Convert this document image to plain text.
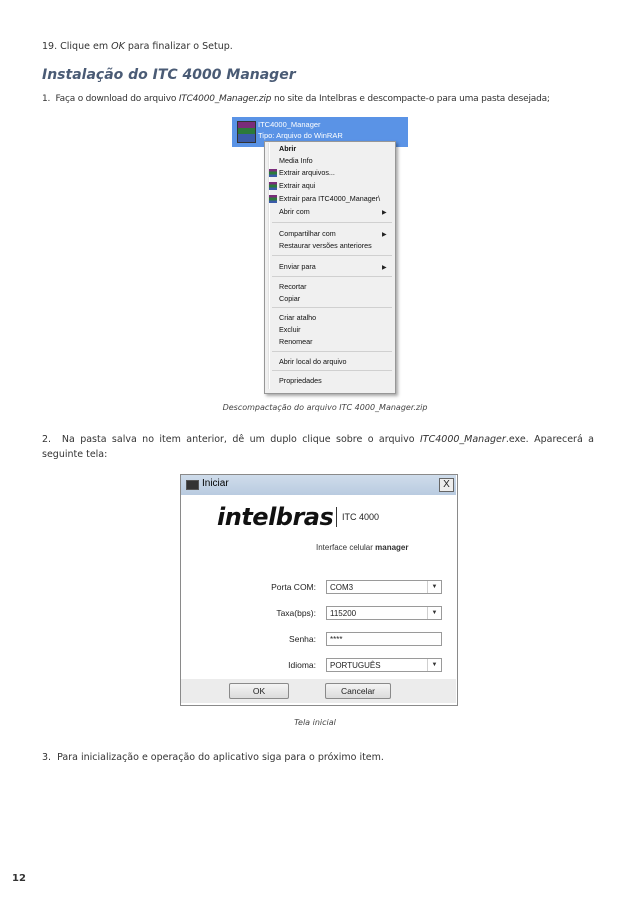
19. Clique em OK para finalizar o Setup.
Instalação do ITC 4000 Manager
1. Faça o download do arquivo ITC4000_Manager.zip no site da Intelbras e descompacte-o para uma pasta desejada;
ITC4000_Manager
Tipo: Arquivo do WinRAR
Abrir
Media Info
Extrair arquivos...
Extrair aqui
Extrair para ITC4000_Manager\
Abrir com	▶
Compartilhar com	▶
Restaurar versões anteriores
Enviar para	▶
Recortar
Copiar
Criar atalho
Excluir
Renomear
Abrir local do arquivo
Propriedades
Descompactação do arquivo ITC 4000_Manager.zip
2. Na pasta salva no item anterior, dê um duplo clique sobre o arquivo ITC4000_Manager.exe. Aparecerá a seguinte tela:
Iniciar	X
intelbras ITC 4000
Interface celular manager
Porta COM:	COM3	▼
Taxa(bps):	115200	▼
Senha:	****
Idioma:	PORTUGUÊS	▼
OK	Cancelar
Tela inicial
3. Para inicialização e operação do aplicativo siga para o próximo item.
12
